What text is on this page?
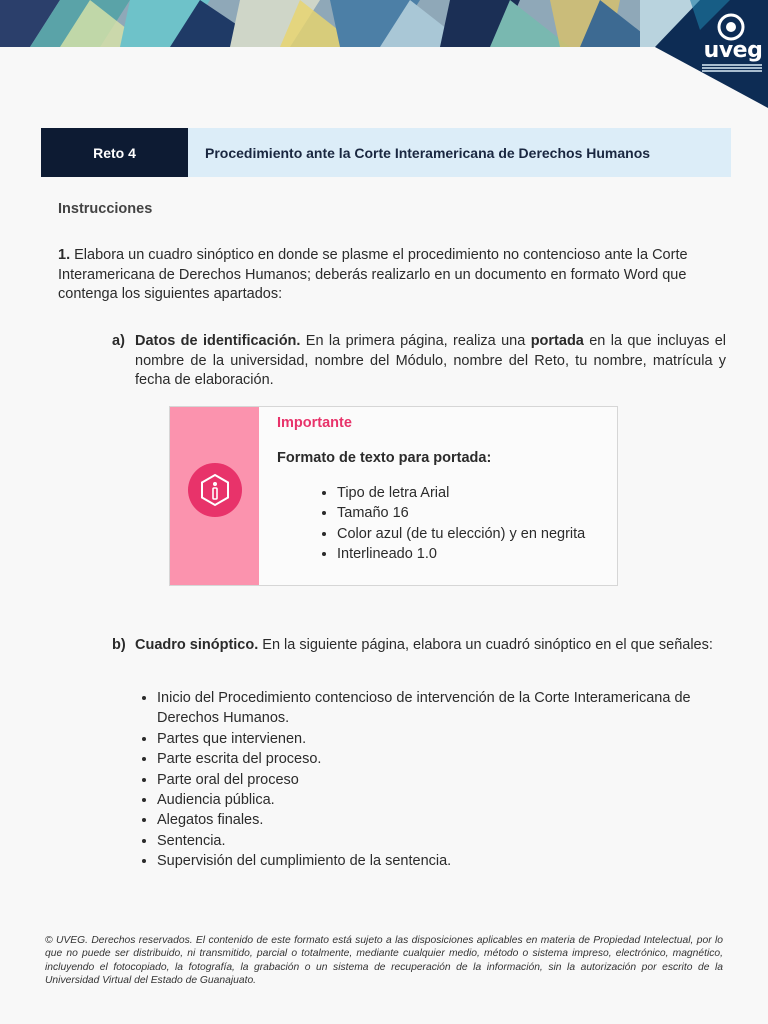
uveg
Reto 4	Procedimiento ante la Corte Interamericana de Derechos Humanos

Instrucciones

1. Elabora un cuadro sinóptico en donde se plasme el procedimiento no contencioso ante la Corte Interamericana de Derechos Humanos; deberás realizarlo en un documento en formato Word que contenga los siguientes apartados:

a) Datos de identificación. En la primera página, realiza una portada en la que incluyas el nombre de la universidad, nombre del Módulo, nombre del Reto, tu nombre, matrícula y fecha de elaboración.
b) Cuadro sinóptico. En la siguiente página, elabora un cuadró sinóptico en el que señales:
• Inicio del Procedimiento contencioso de intervención de la Corte Interamericana de Derechos Humanos.
• Partes que intervienen.
• Parte escrita del proceso.
• Parte oral del proceso
• Audiencia pública.
• Alegatos finales.
• Sentencia.
• Supervisión del cumplimiento de la sentencia.

Importante

Formato de texto para portada:

• Tipo de letra Arial
• Tamaño 16
• Color azul (de tu elección) y en negrita
• Interlineado 1.0
© UVEG. Derechos reservados. El contenido de este formato está sujeto a las disposiciones aplicables en materia de Propiedad Intelectual, por lo que no puede ser distribuido, ni transmitido, parcial o totalmente, mediante cualquier medio, método o sistema impreso, electrónico, magnético, incluyendo el fotocopiado, la fotografía, la grabación o un sistema de recuperación de la información, sin la autorización por escrito de la Universidad Virtual del Estado de Guanajuato.
